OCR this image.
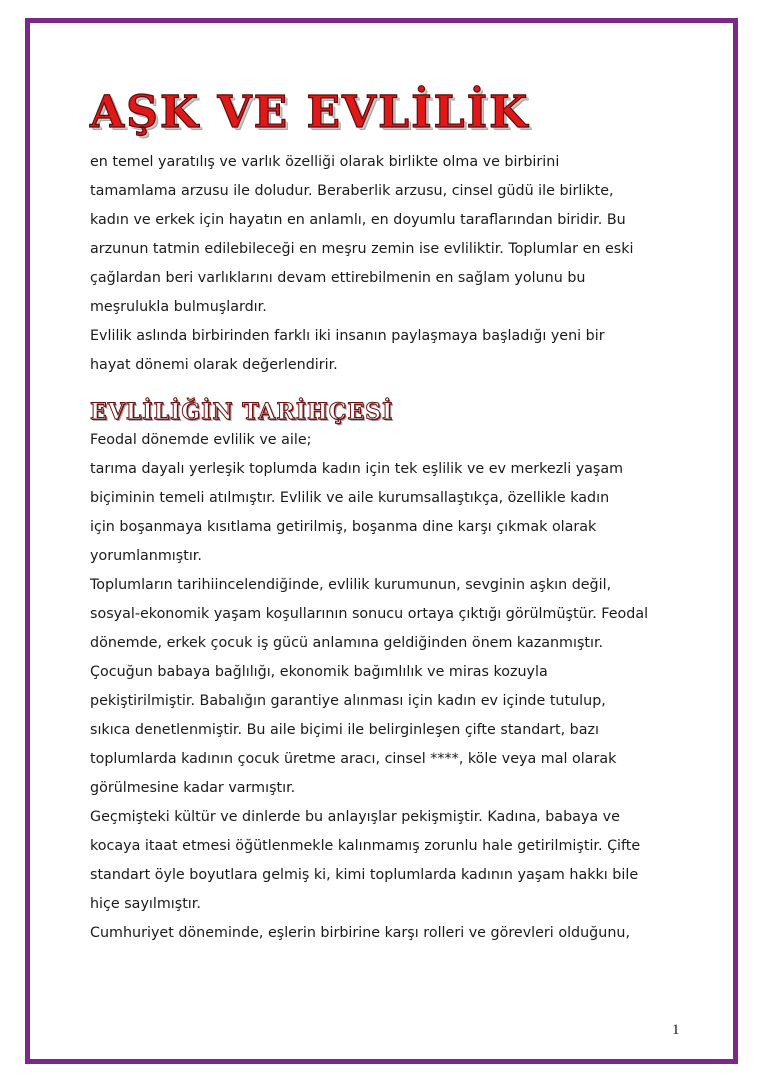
AŞK VE EVLİLİK

en temel yaratılış ve varlık özelliği olarak birlikte olma ve birbirini

tamamlama arzusu ile doludur. Beraberlik arzusu, cinsel güdü ile birlikte,

kadın ve erkek için hayatın en anlamlı, en doyumlu taraflarından biridir. Bu

arzunun tatmin edilebileceği en meşru zemin ise evliliktir. Toplumlar en eski

çağlardan beri varlıklarını devam ettirebilmenin en sağlam yolunu bu

meşrulukla bulmuşlardır.

Evlilik aslında birbirinden farklı iki insanın paylaşmaya başladığı yeni bir

hayat dönemi olarak değerlendirir.

EVLİLİĞİN TARİHÇESİ

Feodal dönemde evlilik ve aile;

tarıma dayalı yerleşik toplumda kadın için tek eşlilik ve ev merkezli yaşam

biçiminin temeli atılmıştır. Evlilik ve aile kurumsallaştıkça, özellikle kadın

için boşanmaya kısıtlama getirilmiş, boşanma dine karşı çıkmak olarak

yorumlanmıştır.

Toplumların tarihiincelendiğinde, evlilik kurumunun, sevginin aşkın değil,

sosyal-ekonomik yaşam koşullarının sonucu ortaya çıktığı görülmüştür. Feodal

dönemde, erkek çocuk iş gücü anlamına geldiğinden önem kazanmıştır.

Çocuğun babaya bağlılığı, ekonomik bağımlılık ve miras kozuyla

pekiştirilmiştir. Babalığın garantiye alınması için kadın ev içinde tutulup,

sıkıca denetlenmiştir. Bu aile biçimi ile belirginleşen çifte standart, bazı

toplumlarda kadının çocuk üretme aracı, cinsel ****, köle veya mal olarak

görülmesine kadar varmıştır.

Geçmişteki kültür ve dinlerde bu anlayışlar pekişmiştir. Kadına, babaya ve

kocaya itaat etmesi öğütlenmekle kalınmamış zorunlu hale getirilmiştir. Çifte

standart öyle boyutlara gelmiş ki, kimi toplumlarda kadının yaşam hakkı bile

hiçe sayılmıştır.

Cumhuriyet döneminde, eşlerin birbirine karşı rolleri ve görevleri olduğunu,

1
